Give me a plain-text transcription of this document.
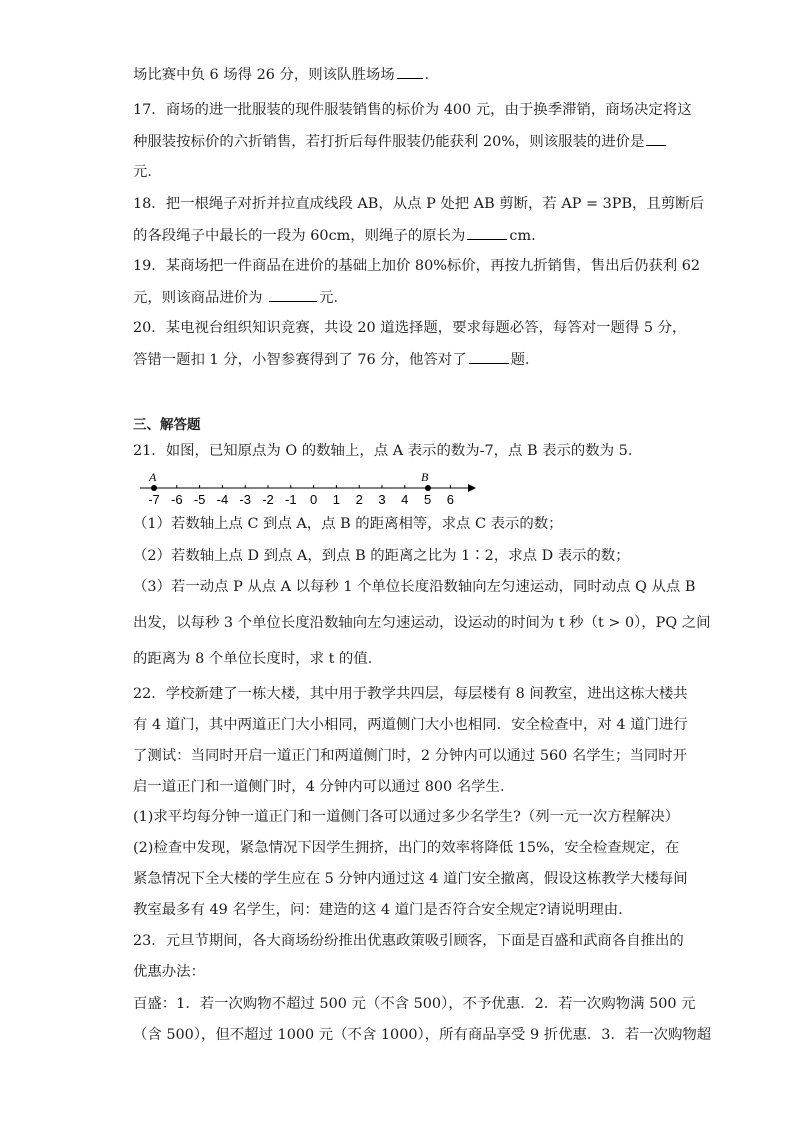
场比赛中负 6 场得 26 分，则该队胜场场 ．
17．商场的进一批服装的现件服装销售的标价为 400 元，由于换季滞销，商场决定将这
种服装按标价的六折销售，若打折后每件服装仍能获利 20%，则该服装的进价是
元．
18．把一根绳子对折并拉直成线段 AB，从点 P 处把 AB 剪断，若 AP = 3PB，且剪断后
的各段绳子中最长的一段为 60cm，则绳子的原长为	cm.
19．某商场把一件商品在进价的基础上加价 80%标价，再按九折销售，售出后仍获利 62
元，则该商品进价为	元．
20．某电视台组织知识竞赛，共设 20 道选择题，要求每题必答，每答对一题得 5 分，
答错一题扣 1 分，小智参赛得到了 76 分，他答对了	题．
三、解答题
21．如图，已知原点为 O 的数轴上，点 A 表示的数为-7，点 B 表示的数为 5．
-7 -6 -5 -4 -3 -2 -1 0 1 2 3 4 5 6
A	B
（1）若数轴上点 C 到点 A，点 B 的距离相等，求点 C 表示的数；
（2）若数轴上点 D 到点 A，到点 B 的距离之比为 1∶2，求点 D 表示的数；
（3）若一动点 P 从点 A 以每秒 1 个单位长度沿数轴向左匀速运动，同时动点 Q 从点 B
出发，以每秒 3 个单位长度沿数轴向左匀速运动，设运动的时间为 t 秒（t > 0），PQ 之间
的距离为 8 个单位长度时，求 t 的值．
22．学校新建了一栋大楼，其中用于教学共四层，每层楼有 8 间教室，进出这栋大楼共
有 4 道门，其中两道正门大小相同，两道侧门大小也相同．安全检查中，对 4 道门进行
了测试：当同时开启一道正门和两道侧门时，2 分钟内可以通过 560 名学生；当同时开
启一道正门和一道侧门时，4 分钟内可以通过 800 名学生．
(1)求平均每分钟一道正门和一道侧门各可以通过多少名学生?（列一元一次方程解决）
(2)检查中发现，紧急情况下因学生拥挤，出门的效率将降低 15%，安全检查规定，在
紧急情况下全大楼的学生应在 5 分钟内通过这 4 道门安全撤离，假设这栋教学大楼每间
教室最多有 49 名学生，问：建造的这 4 道门是否符合安全规定?请说明理由．
23．元旦节期间，各大商场纷纷推出优惠政策吸引顾客，下面是百盛和武商各自推出的
优惠办法：
百盛：1．若一次购物不超过 500 元（不含 500），不予优惠．2．若一次购物满 500 元
（含 500），但不超过 1000 元（不含 1000），所有商品享受 9 折优惠．3．若一次购物超
